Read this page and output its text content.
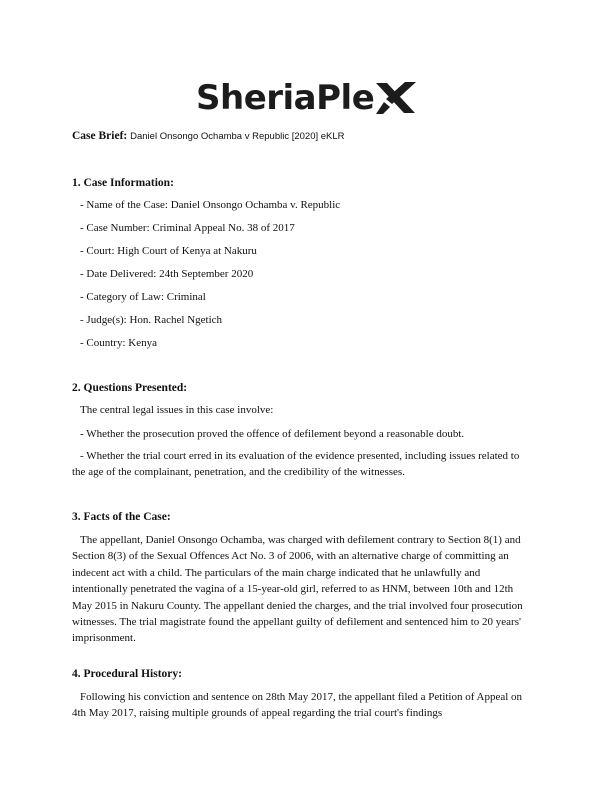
SheriaPle
Case Brief: Daniel Onsongo Ochamba v Republic [2020] eKLR
1. Case Information:
- Name of the Case: Daniel Onsongo Ochamba v. Republic
- Case Number: Criminal Appeal No. 38 of 2017
- Court: High Court of Kenya at Nakuru
- Date Delivered: 24th September 2020
- Category of Law: Criminal
- Judge(s): Hon. Rachel Ngetich
- Country: Kenya
2. Questions Presented:
The central legal issues in this case involve:
- Whether the prosecution proved the offence of defilement beyond a reasonable doubt.

- Whether the trial court erred in its evaluation of the evidence presented, including issues related to the age of the complainant, penetration, and the credibility of the witnesses.

3. Facts of the Case:

The appellant, Daniel Onsongo Ochamba, was charged with defilement contrary to Section 8(1) and Section 8(3) of the Sexual Offences Act No. 3 of 2006, with an alternative charge of committing an indecent act with a child. The particulars of the main charge indicated that he unlawfully and intentionally penetrated the vagina of a 15-year-old girl, referred to as HNM, between 10th and 12th May 2015 in Nakuru County. The appellant denied the charges, and the trial involved four prosecution witnesses. The trial magistrate found the appellant guilty of defilement and sentenced him to 20 years' imprisonment.

4. Procedural History:

Following his conviction and sentence on 28th May 2017, the appellant filed a Petition of Appeal on 4th May 2017, raising multiple grounds of appeal regarding the trial court's findings
